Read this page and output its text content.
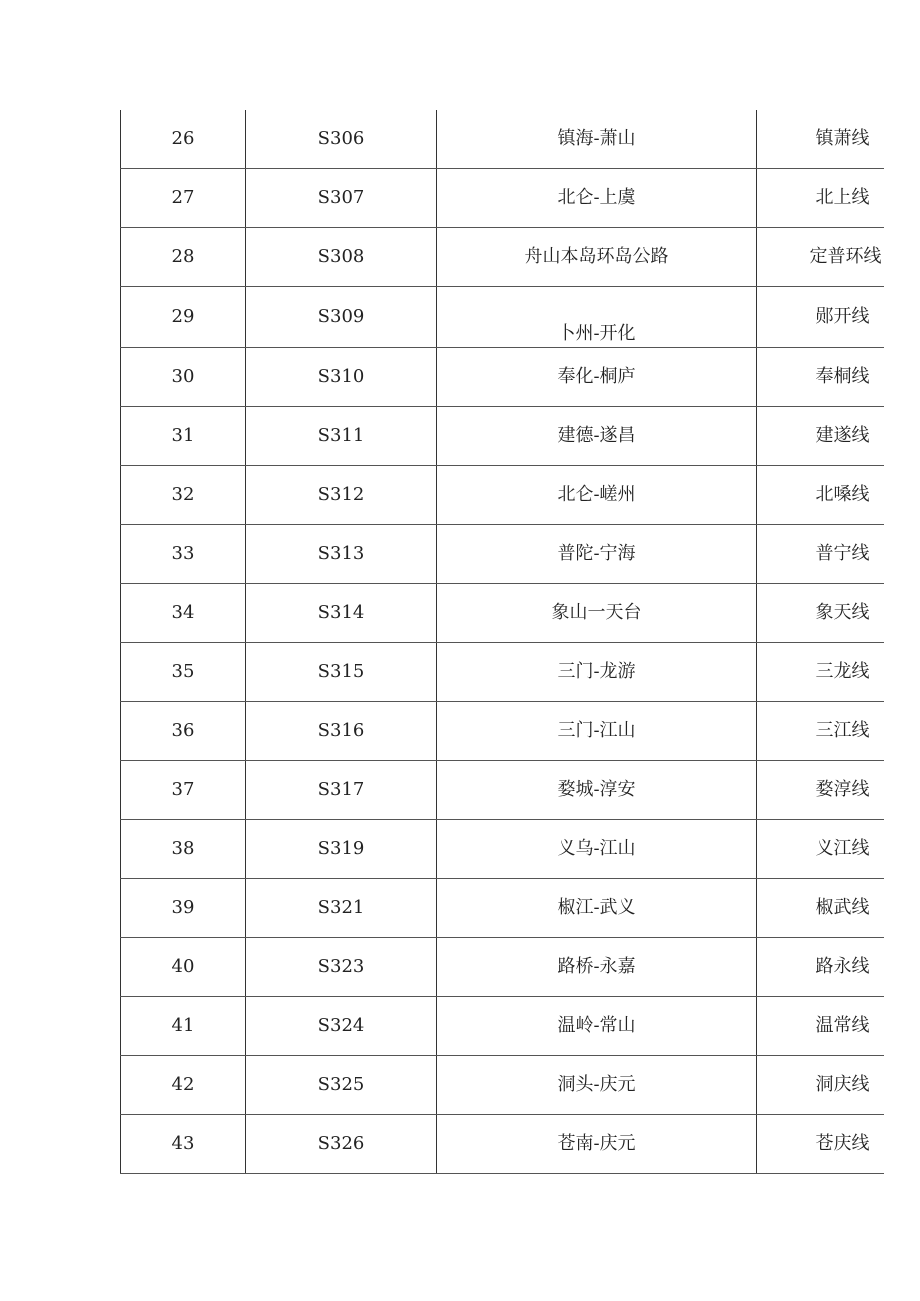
26	S306	镇海-萧山	镇萧线
27	S307	北仑-上虞	北上线
28	S308	舟山本岛环岛公路	定普环线
29	S309	卜州-开化	郧开线
30	S310	奉化-桐庐	奉桐线
31	S311	建德-遂昌	建遂线
32	S312	北仑-嵯州	北嗓线
33	S313	普陀-宁海	普宁线
34	S314	象山一天台	象天线
35	S315	三门-龙游	三龙线
36	S316	三门-江山	三江线
37	S317	婺城-淳安	婺淳线
38	S319	义乌-江山	义江线
39	S321	椒江-武义	椒武线
40	S323	路桥-永嘉	路永线
41	S324	温岭-常山	温常线
42	S325	洞头-庆元	洞庆线
43	S326	苍南-庆元	苍庆线
